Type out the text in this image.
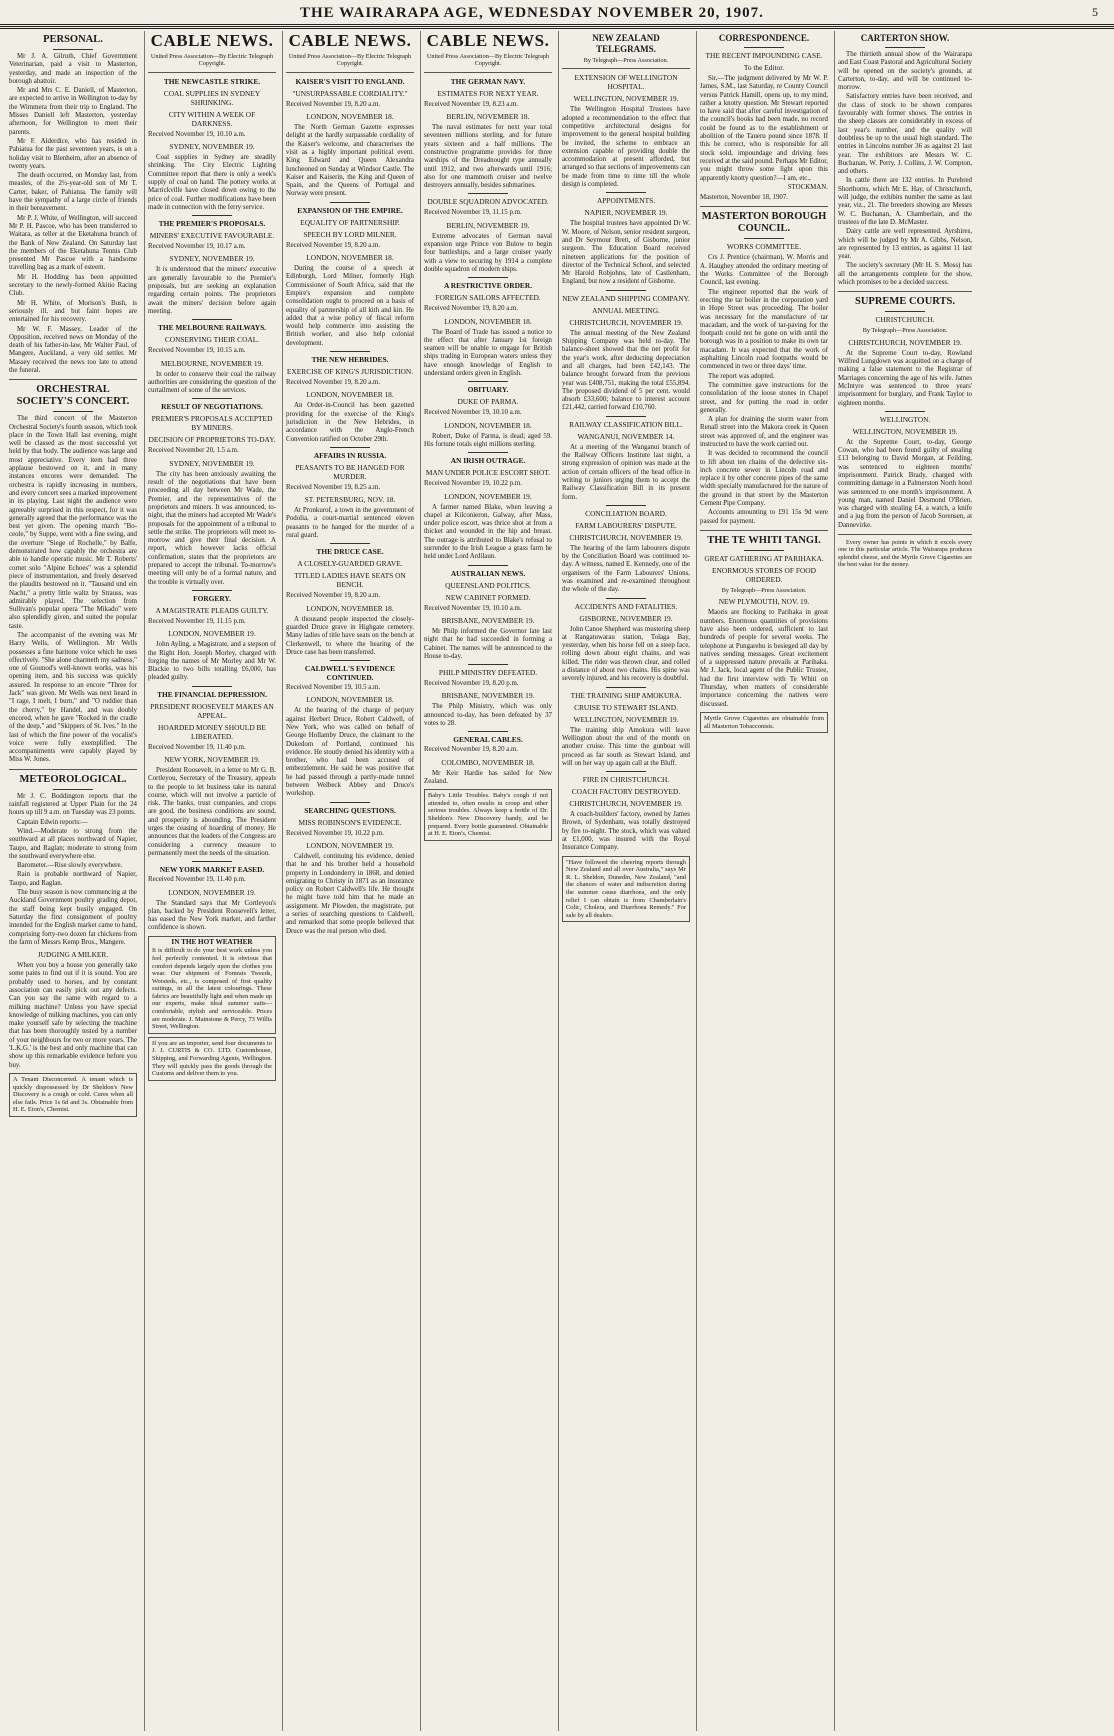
THE WAIRARAPA AGE, WEDNESDAY NOVEMBER 20, 1907.	5
PERSONAL.

Mr J. A. Gilruth, Chief Government Veterinarian, paid a visit to Masterton, yesterday, and made an inspection of the borough abattoir.

Mr and Mrs C. E. Daniell, of Masterton, are expected to arrive in Wellington to-day by the Wimmera from their trip to England. The Misses Daniell left Masterton, yesterday afternoon, for Wellington to meet their parents.

Mr F. Alderdice, who has resided in Pahiatua for the past seventeen years, is on a holiday visit to Blenheim, after an absence of twenty years.

The death occurred, on Monday last, from measles, of the 2½-year-old son of Mr T. Carter, baker, of Pahiatua. The family will have the sympathy of a large circle of friends in their bereavement.

Mr P. J. White, of Wellington, will succeed Mr P. H. Pascoe, who has been transferred to Waitara, as teller at the Eketahuna branch of the Bank of New Zealand. On Saturday last the members of the Eketahuna Tennis Club presented Mr Pascoe with a handsome travelling bag as a mark of esteem.

Mr H. Hodding has been appointed secretary to the newly-formed Akitio Racing Club.

Mr H. White, of Morison's Bush, is seriously ill, and but faint hopes are entertained for his recovery.

Mr W. F. Massey, Leader of the Opposition, received news on Monday of the death of his father-in-law, Mr Walter Paul, of Mangere, Auckland, a very old settler. Mr Massey received the news too late to attend the funeral.

ORCHESTRAL SOCIETY'S CONCERT.

The third concert of the Masterton Orchestral Society's fourth season, which took place in the Town Hall last evening, might well be classed as the most successful yet held by that body. The audience was large and most appreciative. Every item had three applause bestowed on it, and in many instances encores were demanded. The orchestra is rapidly increasing in numbers, and every concert sees a marked improvement in its playing. Last night the audience were agreeably surprised in this respect, for it was generally agreed that the performance was the best yet given. The opening march "Bo-ceole," by Suppe, went with a fine swing, and the overture "Siege of Rochelle," by Balfe, demonstrated how capably the orchestra are able to handle operatic music. Mr T. Roberts' cornet solo "Alpine Echoes" was a splendid piece of instrumentation, and freely deserved the plaudits bestowed on it. "Tausand und ein Nacht," a pretty little waltz by Strauss, was admirably played. The selection from Sullivan's popular opera "The Mikado" were also splendidly given, and suited the popular taste.

The accompanist of the evening was Mr Harry Wells, of Wellington. Mr Wells possesses a fine baritone voice which he uses effectively. "She alone charmeth my sadness," one of Gounod's well-known works, was his opening item, and his success was quickly assured. In response to an encore "Three for Jack" was given. Mr Wells was next heard in "I rage, I melt, I burn," and "O ruddier than the cherry," by Handel, and was doubly encored, when he gave "Rocked in the cradle of the deep," and "Skippers of St. Ives." In the last of which the fine power of the vocalist's voice were fully exemplified. The accompaniments were capably played by Miss W. Jones.

METEOROLOGICAL.

Mr J. C. Boddington reports that the rainfall registered at Upper Plain for the 24 hours up till 9 a.m. on Tuesday was 23 points.

Captain Edwin reports:—

Wind.—Moderate to strong from the southward at all places northward of Napier, Taupo, and Raglan; moderate to strong from the southward everywhere else.

Barometer.—Rise slowly everywhere.

Rain is probable northward of Napier, Taupo, and Raglan.

The busy season is now commencing at the Auckland Government poultry grading depot, the staff being kept busily engaged. On Saturday the first consignment of poultry intended for the English market came to hand, comprising forty-two dozen fat chickens from the farm of Messrs Kemp Bros., Mangere.

JUDGING A MILKER.

When you buy a house you generally take some pains to find out if it is sound. You are probably used to horses, and by constant association can easily pick out any defects. Can you say the same with regard to a milking machine? Unless you have special knowledge of milking machines, you can only make yourself safe by selecting the machine that has been thoroughly tested by a number of your neighbours for two or more years. The 'L.K.G.' is the best and only machine that can show up this remarkable evidence before you buy.

A Tenant Disconcerted. A tenant which is quickly dispossessed by Dr Sheldon's New Discovery is a cough or cold. Cures when all else fails. Price 1s 6d and 3s. Obtainable from H. E. Eton's, Chemist.
CABLE NEWS.
United Press Association—By Electric Telegraph Copyright.
THE NEWCASTLE STRIKE.
COAL SUPPLIES IN SYDNEY SHRINKING.
CITY WITHIN A WEEK OF DARKNESS.
Received November 19, 10.10 a.m.
SYDNEY, NOVEMBER 19.

Coal supplies in Sydney are steadily shrinking. The City Electric Lighting Committee report that there is only a week's supply of coal on hand. The pottery works at Marrickville have closed down owing to the price of coal. Further modifications have been made in connection with the ferry service.

THE PREMIER'S PROPOSALS.
MINERS' EXECUTIVE FAVOURABLE.
Received November 19, 10.17 a.m.
SYDNEY, NOVEMBER 19.

It is understood that the miners' executive are generally favourable to the Premier's proposals, but are seeking an explanation regarding certain points. The proprietors await the miners' decision before again meeting.

THE MELBOURNE RAILWAYS.
CONSERVING THEIR COAL.
Received November 19, 10.15 a.m.
MELBOURNE, NOVEMBER 19.

In order to conserve their coal the railway authorities are considering the question of the curtailment of some of the services.

RESULT OF NEGOTIATIONS.
PREMIER'S PROPOSALS ACCEPTED BY MINERS.
DECISION OF PROPRIETORS TO-DAY.
Received November 20, 1.5 a.m.
SYDNEY, NOVEMBER 19.

The city has been anxiously awaiting the result of the negotiations that have been proceeding all day between Mr Wade, the Premier, and the representatives of the proprietors and miners. It was announced, to-night, that the miners had accepted Mr Wade's proposals for the appointment of a tribunal to settle the strike. The proprietors will meet to-morrow and give their final decision. A report, which however lacks official confirmation, states that the proprietors are prepared to accept the tribunal. To-morrow's meeting will only be of a formal nature, and the trouble is virtually over.

FORGERY.
A MAGISTRATE PLEADS GUILTY.
Received November 19, 11.15 p.m.
LONDON, NOVEMBER 19.

John Ayling, a Magistrate, and a stepson of the Right Hon. Joseph Morley, charged with forging the names of Mr Morley and Mr W. Blackie to two bills totalling £6,000, has pleaded guilty.

THE FINANCIAL DEPRESSION.
PRESIDENT ROOSEVELT MAKES AN APPEAL.
HOARDED MONEY SHOULD BE LIBERATED.
Received November 19, 11.40 p.m.
NEW YORK, NOVEMBER 19.

President Roosevelt, in a letter to Mr G. B. Cortleyou, Secretary of the Treasury, appeals to the people to let business take its natural course, which will not involve a particle of risk. The banks, trust companies, and crops are good, the business conditions are sound, and prosperity is abounding. The President urges the ceasing of hoarding of money. He announces that the leaders of the Congress are considering a currency measure to permanently meet the needs of the situation.

NEW YORK MARKET EASED.
Received November 19, 11.40 p.m.
LONDON, NOVEMBER 19.

The Standard says that Mr Cortleyou's plan, backed by President Roosevelt's letter, has eased the New York market, and farther confidence is shown.

IN THE HOT WEATHER
It is difficult to do your best work unless you feel perfectly contented. It is obvious that comfort depends largely upon the clothes you wear. Our shipment of Fomrais Tweeds, Worsteds, etc., is composed of first quality suitings, in all the latest colourings. These fabrics are beautifully light and when made up our experts, make ideal summer suits—comfortable, stylish and serviceable. Prices are moderate. J. Mainstone & Percy, 73 Willis Street, Wellington.
If you are an importer, send four documents to J. J. CURTIS & CO. LTD. Customhouse, Shipping, and Forwarding Agents, Wellington. They will quickly pass the goods through the Customs and deliver them to you.
CABLE NEWS.
United Press Association—By Electric Telegraph Copyright.
KAISER'S VISIT TO ENGLAND.
"UNSURPASSABLE CORDIALITY."
Received November 19, 8.20 a.m.
LONDON, NOVEMBER 18.

The North German Gazette expresses delight at the hardly surpassable cordiality of the Kaiser's welcome, and characterises the visit as a highly important political event. King Edward and Queen Alexandra luncheoned on Sunday at Windsor Castle. The Kaiser and Kaiserin, the King and Queen of Spain, and the Queens of Portugal and Norway were present.

EXPANSION OF THE EMPIRE.
EQUALITY OF PARTNERSHIP.
SPEECH BY LORD MILNER.
Received November 19, 8.20 a.m.
LONDON, NOVEMBER 18.

During the course of a speech at Edinburgh, Lord Milner, formerly High Commissioner of South Africa, said that the Empire's expansion and complete consolidation ought to proceed on a basis of equality of partnership of all kith and kin. He added that a wise policy of fiscal reform would help commerce into assisting the British worker, and also help colonial development.

THE NEW HEBRIDES.
EXERCISE OF KING'S JURISDICTION.
Received November 19, 8.20 a.m.
LONDON, NOVEMBER 18.

An Order-in-Council has been gazetted providing for the exercise of the King's jurisdiction in the New Hebrides, in accordance with the Anglo-French Convention ratified on October 29th.

AFFAIRS IN RUSSIA.
PEASANTS TO BE HANGED FOR MURDER.
Received November 19, 8.25 a.m.
ST. PETERSBURG, NOV. 18.

At Pronkurof, a town in the government of Podolia, a court-martial sentenced eleven peasants to be hanged for the murder of a rural guard.

THE DRUCE CASE.
A CLOSELY-GUARDED GRAVE.
TITLED LADIES HAVE SEATS ON BENCH.
Received November 19, 8.20 a.m.
LONDON, NOVEMBER 18.

A thousand people inspected the closely-guarded Druce grave in Highgate cemetery. Many ladies of title have seats on the bench at Clerkenwell, to where the hearing of the Druce case has been transferred.

CALDWELL'S EVIDENCE CONTINUED.
Received November 19, 10.5 a.m.
LONDON, NOVEMBER 18.

At the hearing of the charge of perjury against Herbert Druce, Robert Caldwell, of New York, who was called on behalf of George Hollamby Druce, the claimant to the Dukedom of Portland, continued his evidence. He stoutly denied his identity with a brother, who had been accused of embezzlement. He said he was positive that he had passed through a partly-made tunnel between Welbeck Abbey and Druce's workshop.

SEARCHING QUESTIONS.
MISS ROBINSON'S EVIDENCE.
Received November 19, 10.22 p.m.
LONDON, NOVEMBER 19.

Caldwell, continuing his evidence, denied that he and his brother held a household property in Londonderry in 1868, and denied emigrating to Christy in 1871 as an insurance policy on Robert Caldwell's life. He thought he might have told him that he made an assignment. Mr Plowden, the magistrate, put a series of searching questions to Caldwell, and remarked that some people believed that Druce was the real person who died.

CABLE NEWS.
United Press Association—By Electric Telegraph Copyright.
THE GERMAN NAVY.
ESTIMATES FOR NEXT YEAR.
Received November 19, 8.23 a.m.
BERLIN, NOVEMBER 18.

The naval estimates for next year total seventeen millions sterling, and for future years sixteen and a half millions. The constructive programme provides for three warships of the Dreadnought type annually until 1912, and two afterwards until 1916; also for one mammoth cruiser and twelve destroyers annually, besides submarines.

DOUBLE SQUADRON ADVOCATED.
Received November 19, 11.15 p.m.
BERLIN, NOVEMBER 19.

Extreme advocates of German naval expansion urge Prince von Bulow to begin four battleships, and a large cruiser yearly with a view to securing by 1914 a complete double squadron of modern ships.

A RESTRICTIVE ORDER.
FOREIGN SAILORS AFFECTED.
Received November 19, 8.20 a.m.
LONDON, NOVEMBER 18.

The Board of Trade has issued a notice to the effect that after January 1st foreign seamen will be unable to engage for British ships trading in European waters unless they have enough knowledge of English to understand orders given in English.

OBITUARY.
DUKE OF PARMA.
Received November 19, 10.10 a.m.
LONDON, NOVEMBER 18.

Robert, Duke of Parma, is dead; aged 59. His fortune totals eight millions sterling.

AN IRISH OUTRAGE.
MAN UNDER POLICE ESCORT SHOT.
Received November 19, 10.22 p.m.
LONDON, NOVEMBER 19.

A farmer named Blake, when leaving a chapel at Kilconieron, Galway, after Mass, under police escort, was thrice shot at from a thicket and wounded in the hip and breast. The outrage is attributed to Blake's refusal to surrender to the Irish League a grass farm he held under Lord Ardilaun.

AUSTRALIAN NEWS.
QUEENSLAND POLITICS.
NEW CABINET FORMED.
Received November 19, 10.10 a.m.
BRISBANE, NOVEMBER 19.

Mr Philp informed the Governor late last night that he had succeeded in forming a Cabinet. The names will be announced to the House to-day.

PHILP MINISTRY DEFEATED.
Received November 19, 8.20 p.m.
BRISBANE, NOVEMBER 19.

The Philp Ministry, which was only announced to-day, has been defeated by 37 votes to 28.

GENERAL CABLES.
Received November 19, 8.20 a.m.
COLOMBO, NOVEMBER 18.

Mr Keir Hardie has sailed for New Zealand.

Baby's Little Troubles. Baby's cough if not attended to, often results in croup and other serious troubles. Always keep a bottle of Dr. Sheldon's New Discovery handy, and be prepared. Every bottle guaranteed. Obtainable at H. E. Eton's, Chemist.
NEW ZEALAND TELEGRAMS.
By Telegraph—Press Association.
EXTENSION OF WELLINGTON HOSPITAL.
WELLINGTON, NOVEMBER 19.

The Wellington Hospital Trustees have adopted a recommendation to the effect that competitive architectural designs for improvement to the general hospital building be invited, the scheme to embrace an extension capable of providing double the accommodation at present afforded, but arranged so that sections of improvements can be made from time to time till the whole design is completed.

APPOINTMENTS.
NAPIER, NOVEMBER 19.

The hospital trustees have appointed Dr W. W. Moore, of Nelson, senior resident surgeon, and Dr Seymour Brett, of Gisborne, junior surgeon. The Education Board received nineteen applications for the position of director of the Technical School, and selected Mr Harold Robjohns, late of Castlenham, England, but now a resident of Gisborne.

NEW ZEALAND SHIPPING COMPANY.
ANNUAL MEETING.
CHRISTCHURCH, NOVEMBER 19.

The annual meeting of the New Zealand Shipping Company was held to-day. The balance-sheet showed that the net profit for the year's work, after deducting depreciation and all charges, had been £42,143. The balance brought forward from the previous year was £408,751, making the total £55,894. The proposed dividend of 5 per cent. would absorb £33,600; balance to interest account £21,442, carried forward £10,760.

RAILWAY CLASSIFICATION BILL.
WANGANUI, NOVEMBER 14.

At a meeting of the Wanganui branch of the Railway Officers Institute last night, a strong expression of opinion was made at the action of certain officers of the head office in writing to juniors urging them to accept the Railway Classification Bill in its present form.

CONCILIATION BOARD.
FARM LABOURERS' DISPUTE.
CHRISTCHURCH, NOVEMBER 19.

The hearing of the farm labourers dispute by the Conciliation Board was continued to-day. A witness, named E. Kennedy, one of the organisers of the Farm Labourers' Unions, was examined and re-examined throughout the whole of the day.

ACCIDENTS AND FATALITIES.
GISBORNE, NOVEMBER 19.

John Canoe Shepherd was mustering sheep at Rangatuwarau station, Tolaga Bay, yesterday, when his horse fell on a steep face, rolling down about eight chains, and was killed. The rider was thrown clear, and rolled a distance of about two chains. His spine was severely injured, and his recovery is doubtful.

THE TRAINING SHIP AMOKURA.
CRUISE TO STEWART ISLAND.
WELLINGTON, NOVEMBER 19.

The training ship Amokura will leave Wellington about the end of the month on another cruise. This time the gunboat will proceed as far south as Stewart Island, and will on her way up again call at the Bluff.

FIRE IN CHRISTCHURCH.
COACH FACTORY DESTROYED.
CHRISTCHURCH, NOVEMBER 19.

A coach-builders' factory, owned by James Brown, of Sydenham, was totally destroyed by fire to-night. The stock, which was valued at £1,000, was insured with the Royal Insurance Company.

"Have followed the cheering reports through New Zealand and all over Australia," says Mr R. L. Sheldon, Dunedin, New Zealand, "and the chances of water and indiscretion during the summer cause diarrhoea, and the only relief I can obtain is from Chamberlain's Colic, Cholera, and Diarrhoea Remedy." For sale by all dealers.
CORRESPONDENCE.
THE RECENT IMPOUNDING CASE.
To the Editor.

Sir,—The judgment delivered by Mr W. P. James, S.M., last Saturday, re County Council versus Patrick Hamill, opens up, to my mind, rather a knotty question. Mr Stewart reported to have said that after careful investigation of the council's books had been made, no record could be found as to the establishment or abolition of the Taueru pound since 1878. If this be correct, who is responsible for all stock sold, impoundage and driving fees received at the said pound. Perhaps Mr Editor, you might throw some light upon this apparently knotty question?—I am, etc.,

STOCKMAN.
Masterton, November 18, 1907.
MASTERTON BOROUGH COUNCIL.
WORKS COMMITTEE.

Crs J. Prentice (chairman), W. Morris and A. Haughey attended the ordinary meeting of the Works Committee of the Borough Council, last evening.

The engineer reported that the work of erecting the tar boiler in the corporation yard in Hope Street was proceeding. The boiler was necessary for the manufacture of tar macadam, and the work of tar-paving for the footpath could not be gone on with until the borough was in a position to make its own tar macadam. It was expected that the work of asphalting Lincoln road footpaths would be commenced in two or three days' time.

The report was adopted.

The committee gave instructions for the consolidation of the loose stones in Chapel street, and for putting the road in order generally.

A plan for draining the storm water from Renall street into the Makora creek in Queen street was approved of, and the engineer was instructed to have the work carried out.

It was decided to recommend the council to lift about ten chains of the defective six-inch concrete sewer in Lincoln road and replace it by other concrete pipes of the same width specially manufactured for the nature of the ground in that street by the Masterton Cement Pipe Company.

Accounts amounting to £91 15s 9d were passed for payment.

THE TE WHITI TANGI.
GREAT GATHERING AT PARIHAKA.
ENORMOUS STORES OF FOOD ORDERED.
By Telegraph—Press Association.
NEW PLYMOUTH, NOV. 19.

Maoris are flocking to Parihaka in great numbers. Enormous quantities of provisions have also been ordered, sufficient to last hundreds of people for several weeks. The telephone at Pungarehu is besieged all day by natives sending messages. Great excitement of a suppressed nature prevails at Parihaka. Mr J. Jack, local agent of the Public Trustee, had the first interview with Te Whiti on Thursday, when matters of considerable importance concerning the natives were discussed.

Myrtle Grove Cigarettes are obtainable from all Masterton Tobacconists.
CARTERTON SHOW.

The thirtieth annual show of the Wairarapa and East Coast Pastoral and Agricultural Society will be opened on the society's grounds, at Carterton, to-day, and will be continued to-morrow.

Satisfactory entries have been received, and the class of stock to be shown compares favourably with former shows. The entries in the sheep classes are considerably in excess of last year's number, and the quality will doubtless be up to the usual high standard. The entries in Lincolns number 36 as against 21 last year. The exhibitors are Messrs W. C. Buchanan, W. Perry, J. Collins, J. W. Compton, and others.

In cattle there are 132 entries. In Purebred Shorthorns, which Mr E. Hay, of Christchurch, will judge, the exhibits number the same as last year, viz., 21. The breeders showing are Messrs W. C. Buchanan, A. Chamberlain, and the trustees of the late D. McMaster.

Dairy cattle are well represented. Ayrshires, which will be judged by Mr A. Gibbs, Nelson, are represented by 13 entries, as against 11 last year.

The society's secretary (Mr H. S. Moss) has all the arrangements complete for the show, which promises to be a decided success.

SUPREME COURTS.
CHRISTCHURCH.
By Telegraph—Press Association.
CHRISTCHURCH, NOVEMBER 19.

At the Supreme Court to-day, Rowland Wilfred Lungdown was acquitted on a charge of making a false statement to the Registrar of Marriages concerning the age of his wife. James McIntyre was sentenced to three years' imprisonment for burglary, and Frank Taylor to eighteen months.

WELLINGTON.
WELLINGTON, NOVEMBER 19.

At the Supreme Court, to-day, George Cowan, who had been found guilty of stealing £13 belonging to David Morgan, at Feilding, was sentenced to eighteen months' imprisonment. Patrick Brady, charged with committing damage in a Palmerston North hotel was sentenced to one month's imprisonment. A young man, named Daniel Desmond O'Brien, was charged with stealing £4, a watch, a knife and a jug from the person of Jacob Sorensen, at Dannevirke.

Every owner has points in which it excels every one in this particular article. The Wairarapa produces splendid cheese, and the Myrtle Grove Cigarettes are the best value for the money.
